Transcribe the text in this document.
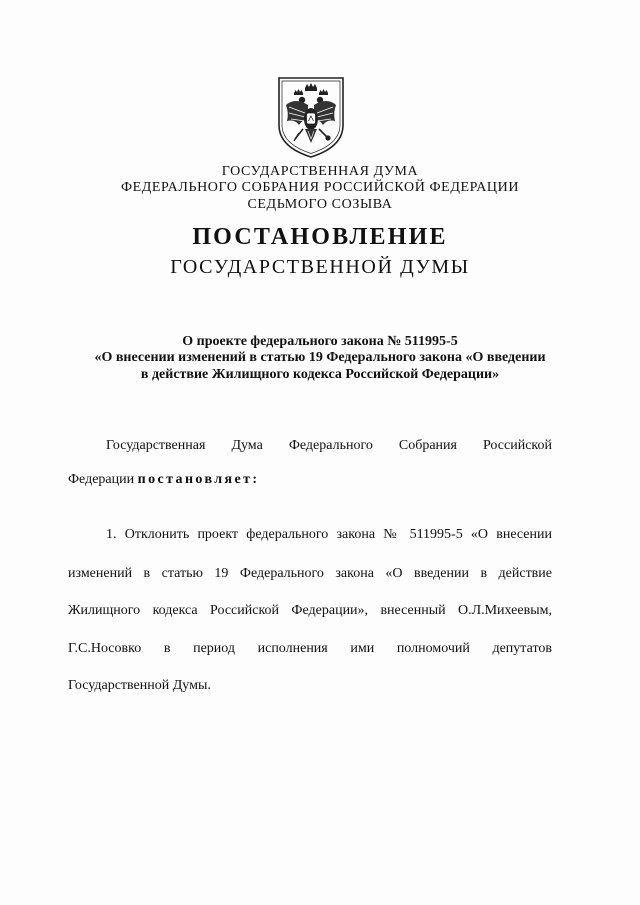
ГОСУДАРСТВЕННАЯ ДУМА
ФЕДЕРАЛЬНОГО СОБРАНИЯ РОССИЙСКОЙ ФЕДЕРАЦИИ
СЕДЬМОГО СОЗЫВА
ПОСТАНОВЛЕНИЕ
ГОСУДАРСТВЕННОЙ ДУМЫ
О проекте федерального закона № 511995-5
«О внесении изменений в статью 19 Федерального закона «О введении
в действие Жилищного кодекса Российской Федерации»
Государственная Дума Федерального Собрания Российской
Федерации постановляет:
1. Отклонить проект федерального закона № 511995-5 «О внесении
изменений в статью 19 Федерального закона «О введении в действие
Жилищного кодекса Российской Федерации», внесенный О.Л.Михеевым,
Г.С.Носовко в период исполнения ими полномочий депутатов
Государственной Думы.
